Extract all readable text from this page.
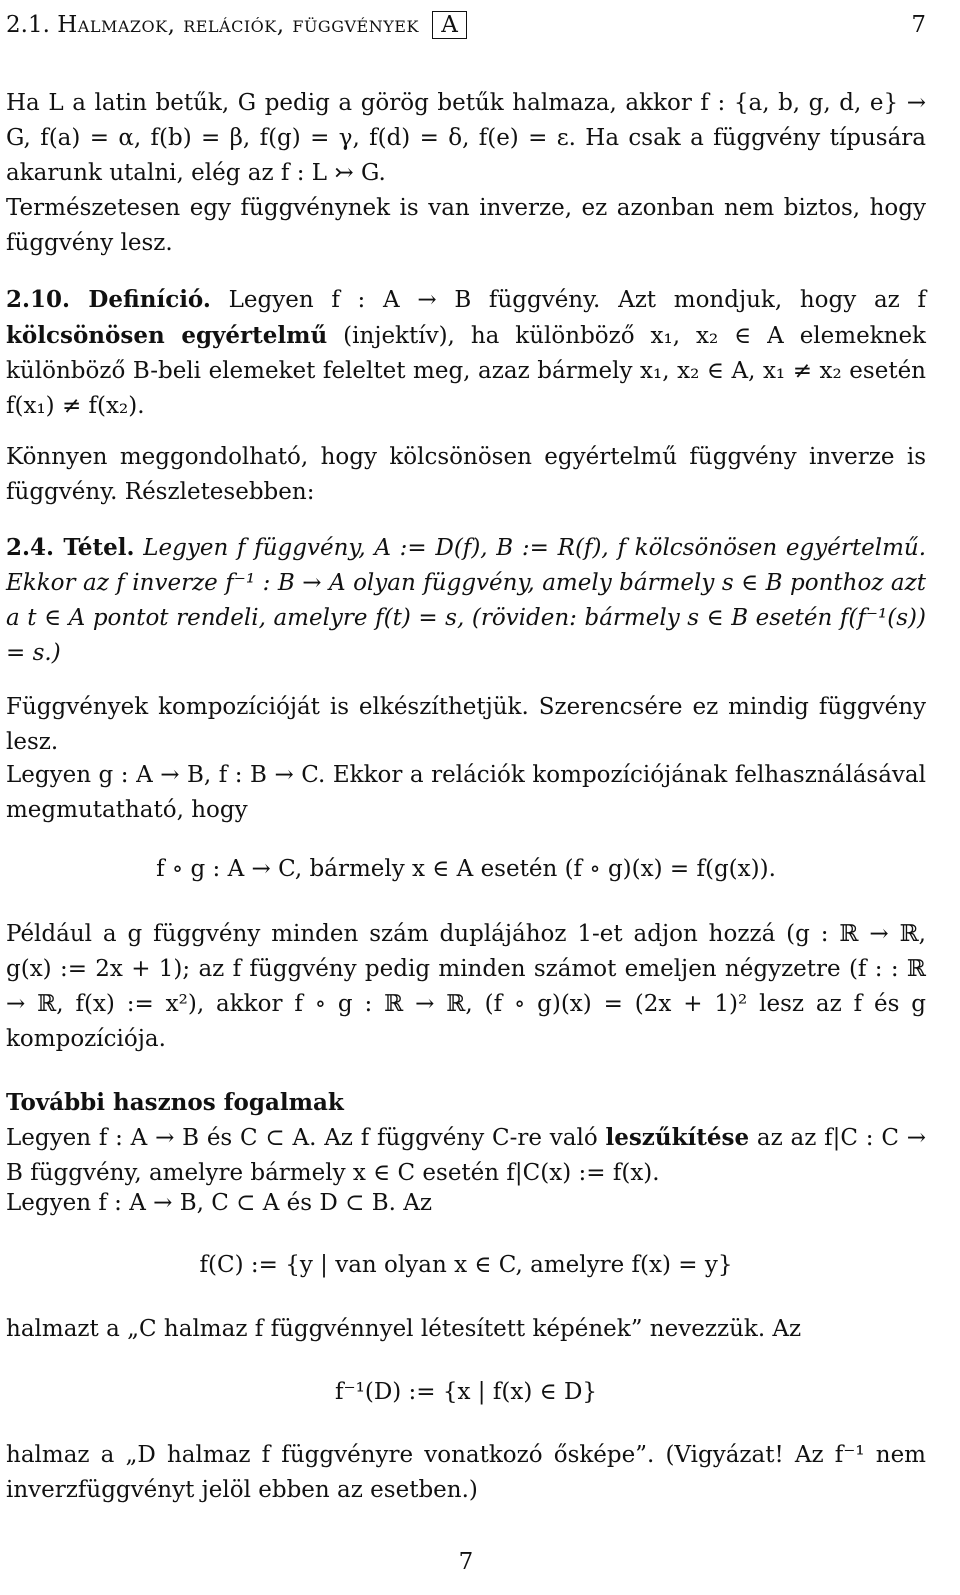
2.1. Halmazok, relációk, függvények A	7

Ha L a latin betűk, G pedig a görög betűk halmaza, akkor f : {a, b, g, d, e} → G, f(a) = α, f(b) = β, f(g) = γ, f(d) = δ, f(e) = ε. Ha csak a függvény típusára akarunk utalni, elég az f : L ↣ G.

Természetesen egy függvénynek is van inverze, ez azonban nem biztos, hogy függvény lesz.

2.10. Definíció. Legyen f : A → B függvény. Azt mondjuk, hogy az f kölcsönösen egyértelmű (injektív), ha különböző x₁, x₂ ∈ A elemeknek különböző B-beli elemeket feleltet meg, azaz bármely x₁, x₂ ∈ A, x₁ ≠ x₂ esetén f(x₁) ≠ f(x₂).

Könnyen meggondolható, hogy kölcsönösen egyértelmű függvény inverze is függvény. Részletesebben:

2.4. Tétel. Legyen f függvény, A := D(f), B := R(f), f kölcsönösen egyértelmű. Ekkor az f inverze f⁻¹ : B → A olyan függvény, amely bármely s ∈ B ponthoz azt a t ∈ A pontot rendeli, amelyre f(t) = s, (röviden: bármely s ∈ B esetén f(f⁻¹(s)) = s.)

Függvények kompozícióját is elkészíthetjük. Szerencsére ez mindig függvény lesz.

Legyen g : A → B, f : B → C. Ekkor a relációk kompozíciójának felhasználásával megmutatható, hogy

f ∘ g : A → C, bármely x ∈ A esetén (f ∘ g)(x) = f(g(x)).

Például a g függvény minden szám duplájához 1-et adjon hozzá (g : ℝ → ℝ, g(x) := 2x + 1); az f függvény pedig minden számot emeljen négyzetre (f : : ℝ → ℝ, f(x) := x²), akkor f ∘ g : ℝ → ℝ, (f ∘ g)(x) = (2x + 1)² lesz az f és g kompozíciója.

További hasznos fogalmak

Legyen f : A → B és C ⊂ A. Az f függvény C-re való leszűkítése az az f|C : C → B függvény, amelyre bármely x ∈ C esetén f|C(x) := f(x).

Legyen f : A → B, C ⊂ A és D ⊂ B. Az

f(C) := {y | van olyan x ∈ C, amelyre f(x) = y}

halmazt a „C halmaz f függvénnyel létesített képének” nevezzük. Az

f⁻¹(D) := {x | f(x) ∈ D}

halmaz a „D halmaz f függvényre vonatkozó ősképe”. (Vigyázat! Az f⁻¹ nem inverzfüggvényt jelöl ebben az esetben.)

7
